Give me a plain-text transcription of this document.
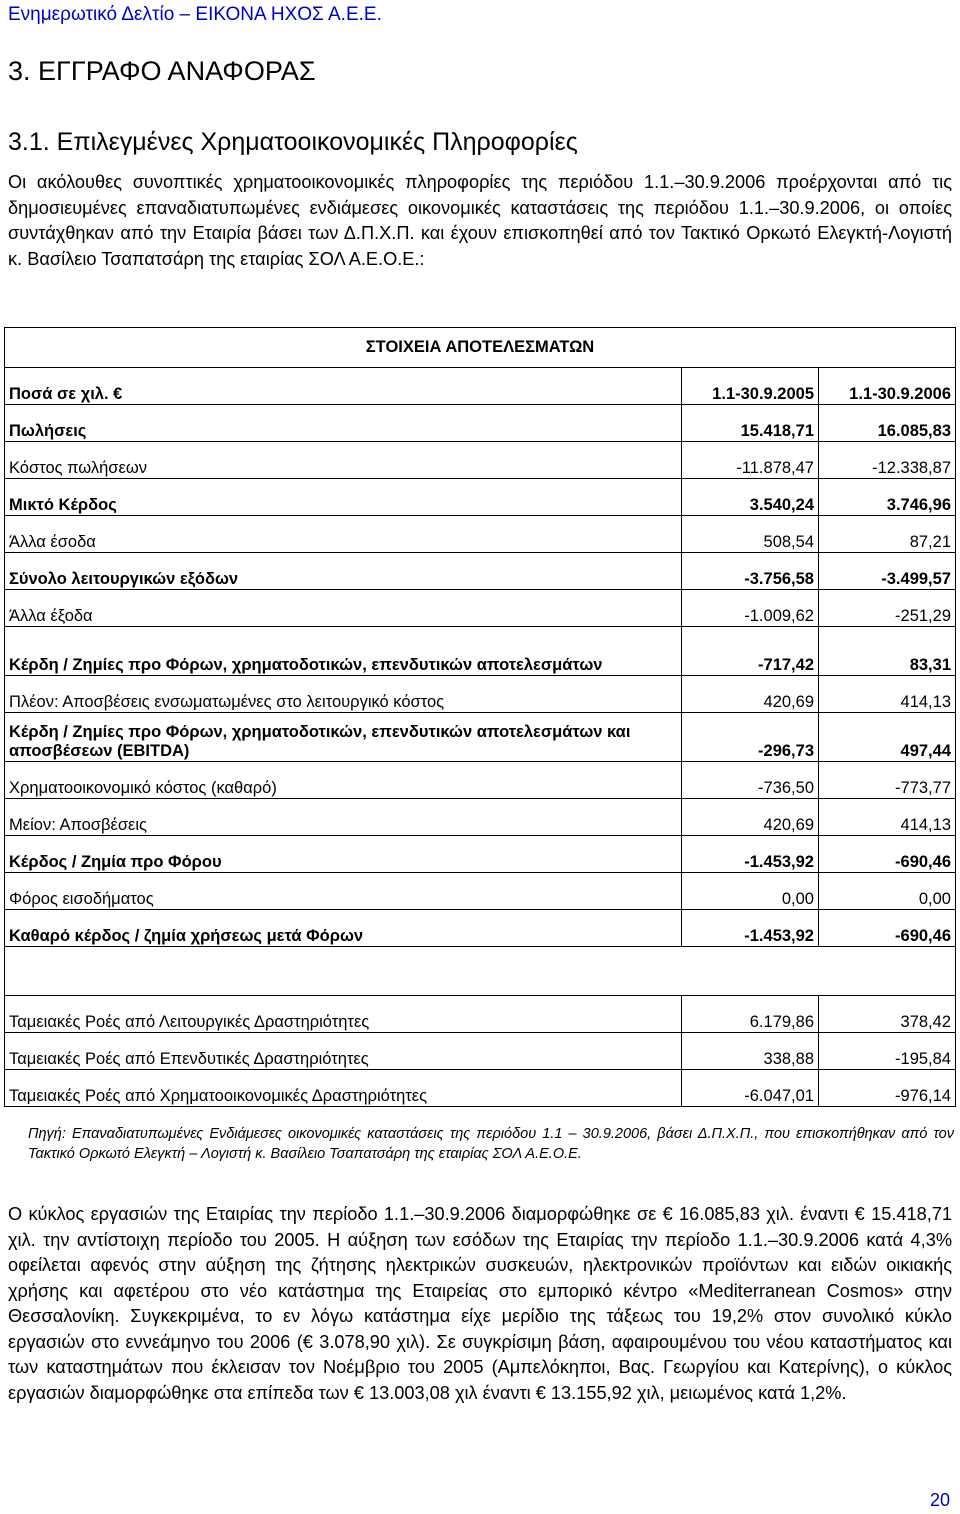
Ενημερωτικό Δελτίο – ΕΙΚΟΝΑ ΗΧΟΣ Α.Ε.Ε.
3. ΕΓΓΡΑΦΟ ΑΝΑΦΟΡΑΣ
3.1. Επιλεγμένες Χρηματοοικονομικές Πληροφορίες
Οι ακόλουθες συνοπτικές χρηματοοικονομικές πληροφορίες της περιόδου 1.1.–30.9.2006 προέρχονται από τις δημοσιευμένες επαναδιατυπωμένες ενδιάμεσες οικονομικές καταστάσεις της περιόδου 1.1.–30.9.2006, οι οποίες συντάχθηκαν από την Εταιρία βάσει των Δ.Π.Χ.Π. και έχουν επισκοπηθεί από τον Τακτικό Ορκωτό Ελεγκτή-Λογιστή κ. Βασίλειο Τσαπατσάρη της εταιρίας ΣΟΛ Α.Ε.Ο.Ε.:
ΣΤΟΙΧΕΙΑ ΑΠΟΤΕΛΕΣΜΑΤΩΝ		
Ποσά σε χιλ. €	1.1-30.9.2005	1.1-30.9.2006
Πωλήσεις	15.418,71	16.085,83
Κόστος πωλήσεων	-11.878,47	-12.338,87
Μικτό Κέρδος	3.540,24	3.746,96
Άλλα έσοδα	508,54	87,21
Σύνολο λειτουργικών εξόδων	-3.756,58	-3.499,57
Άλλα έξοδα	-1.009,62	-251,29
Κέρδη / Ζημίες προ Φόρων, χρηματοδοτικών, επενδυτικών αποτελεσμάτων	-717,42	83,31
Πλέον: Αποσβέσεις ενσωματωμένες στο λειτουργικό κόστος	420,69	414,13
Κέρδη / Ζημίες προ Φόρων, χρηματοδοτικών, επενδυτικών αποτελεσμάτων και αποσβέσεων (EBITDA)	-296,73	497,44
Χρηματοοικονομικό κόστος (καθαρό)	-736,50	-773,77
Μείον: Αποσβέσεις	420,69	414,13
Κέρδος / Ζημία προ Φόρου	-1.453,92	-690,46
Φόρος εισοδήματος	0,00	0,00
Καθαρό κέρδος / ζημία χρήσεως μετά Φόρων	-1.453,92	-690,46

Ταμειακές Ροές από Λειτουργικές Δραστηριότητες	6.179,86	378,42
Ταμειακές Ροές από Επενδυτικές Δραστηριότητες	338,88	-195,84
Ταμειακές Ροές από Χρηματοοικονομικές Δραστηριότητες	-6.047,01	-976,14
Πηγή: Επαναδιατυπωμένες Ενδιάμεσες οικονομικές καταστάσεις της περιόδου 1.1 – 30.9.2006, βάσει Δ.Π.Χ.Π., που επισκοπήθηκαν από τον Τακτικό Ορκωτό Ελεγκτή – Λογιστή κ. Βασίλειο Τσαπατσάρη της εταιρίας ΣΟΛ Α.Ε.Ο.Ε.
Ο κύκλος εργασιών της Εταιρίας την περίοδο 1.1.–30.9.2006 διαμορφώθηκε σε € 16.085,83 χιλ. έναντι € 15.418,71 χιλ. την αντίστοιχη περίοδο του 2005. Η αύξηση των εσόδων της Εταιρίας την περίοδο 1.1.–30.9.2006 κατά 4,3% οφείλεται αφενός στην αύξηση της ζήτησης ηλεκτρικών συσκευών, ηλεκτρονικών προϊόντων και ειδών οικιακής χρήσης και αφετέρου στο νέο κατάστημα της Εταιρείας στο εμπορικό κέντρο «Mediterranean Cosmos» στην Θεσσαλονίκη. Συγκεκριμένα, το εν λόγω κατάστημα είχε μερίδιο της τάξεως του 19,2% στον συνολικό κύκλο εργασιών στο εννεάμηνο του 2006 (€ 3.078,90 χιλ). Σε συγκρίσιμη βάση, αφαιρουμένου του νέου καταστήματος και των καταστημάτων που έκλεισαν τον Νοέμβριο του 2005 (Αμπελόκηποι, Βας. Γεωργίου και Κατερίνης), ο κύκλος εργασιών διαμορφώθηκε στα επίπεδα των € 13.003,08 χιλ έναντι € 13.155,92 χιλ, μειωμένος κατά 1,2%.
20
